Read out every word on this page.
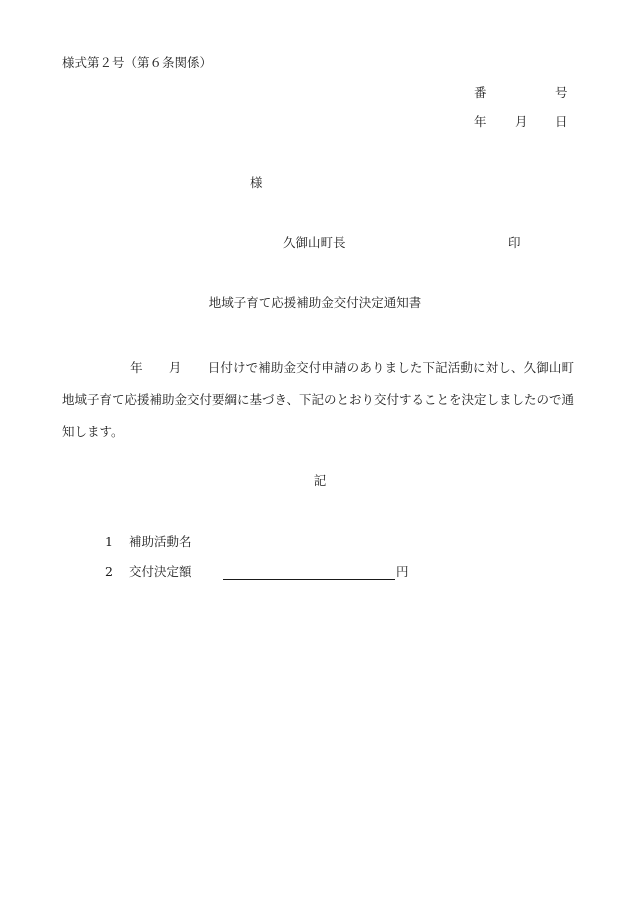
様式第２号（第６条関係）
番	号
年 月 日
様
久御山町長	印
地域子育て応援補助金交付決定通知書
年 月 日付けで補助金交付申請のありました下記活動に対し、久御山町地域子育て応援補助金交付要綱に基づき、下記のとおり交付することを決定しましたので通知します。
記
1 補助活動名
2 交付決定額	円
